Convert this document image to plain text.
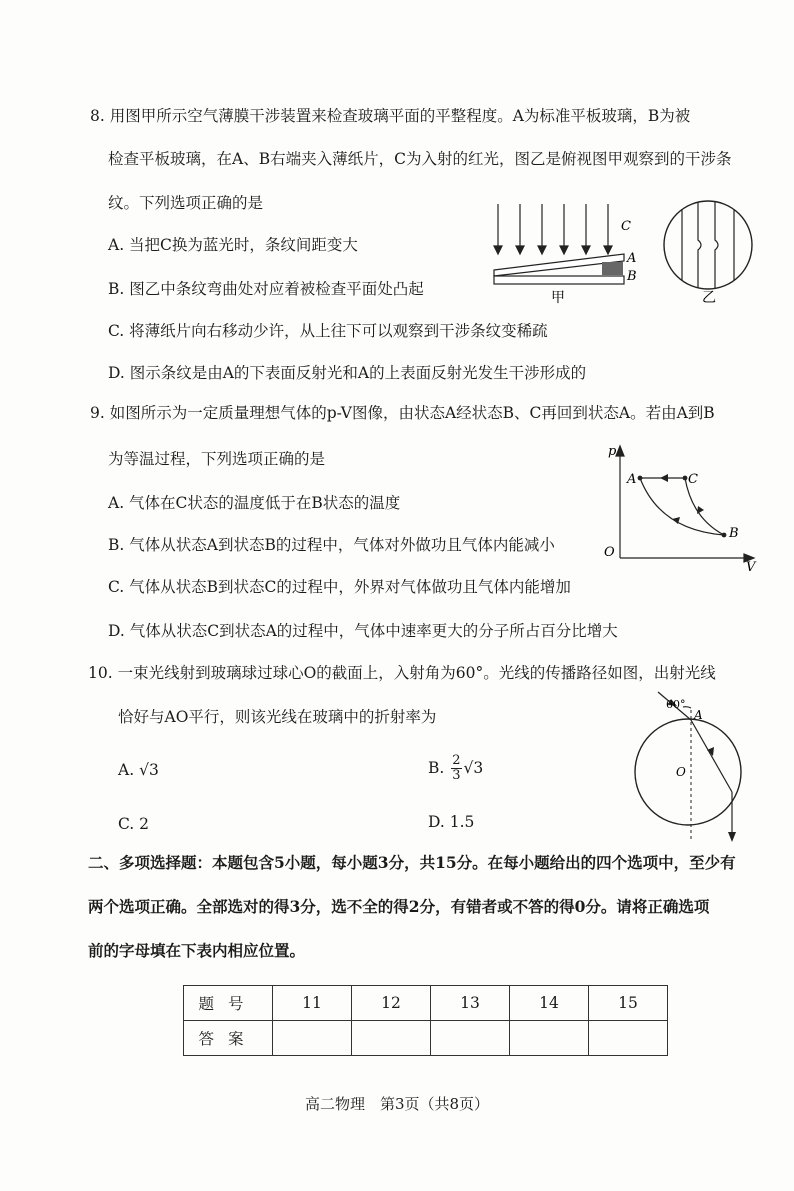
8. 用图甲所示空气薄膜干涉装置来检查玻璃平面的平整程度。A为标准平板玻璃，B为被
检查平板玻璃，在A、B右端夹入薄纸片，C为入射的红光，图乙是俯视图甲观察到的干涉条
纹。下列选项正确的是
A. 当把C换为蓝光时，条纹间距变大
B. 图乙中条纹弯曲处对应着被检查平面处凸起
C. 将薄纸片向右移动少许，从上往下可以观察到干涉条纹变稀疏
D. 图示条纹是由A的下表面反射光和A的上表面反射光发生干涉形成的
C
A
B
甲	乙
9. 如图所示为一定质量理想气体的p-V图像，由状态A经状态B、C再回到状态A。若由A到B
为等温过程，下列选项正确的是
A. 气体在C状态的温度低于在B状态的温度
B. 气体从状态A到状态B的过程中，气体对外做功且气体内能减小
C. 气体从状态B到状态C的过程中，外界对气体做功且气体内能增加
D. 气体从状态C到状态A的过程中，气体中速率更大的分子所占百分比增大
p
V
O
A	C
B
10. 一束光线射到玻璃球过球心O的截面上，入射角为60°。光线的传播路径如图，出射光线
恰好与AO平行，则该光线在玻璃中的折射率为
A. √3	B. $\frac{2}{3} √3$
C. 2	D. 1.5
60°
A
O
二、多项选择题：本题包含5小题，每小题3分，共15分。在每小题给出的四个选项中，至少有
两个选项正确。全部选对的得3分，选不全的得2分，有错者或不答的得0分。请将正确选项
前的字母填在下表内相应位置。
题号	11	12	13	14	15
答案					
高二物理　第3页（共8页）
